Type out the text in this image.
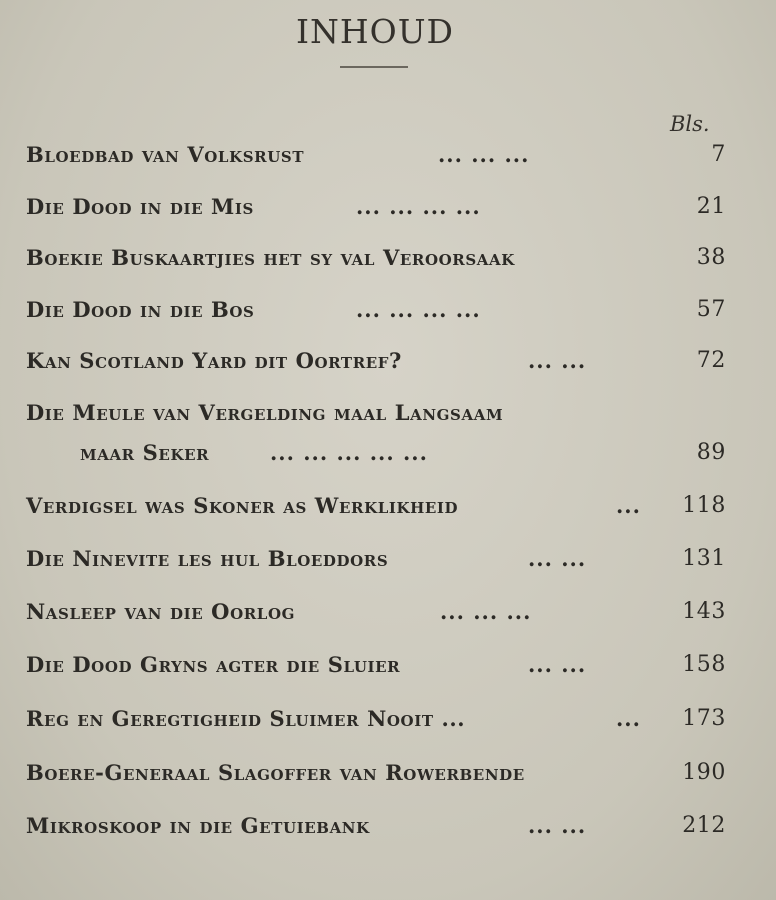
INHOUD
Bls.
Bloedbad van Volksrust	... ... ...	7
Die Dood in die Mis	... ... ... ...	21
Boekie Buskaartjies het sy val Veroorsaak	38
Die Dood in die Bos	... ... ... ...	57
Kan Scotland Yard dit Oortref?	... ...	72
Die Meule van Vergelding maal Langsaam
maar Seker	... ... ... ... ...	89
Verdigsel was Skoner as Werklikheid	... 118
Die Ninevite les hul Bloeddors	... ...	131
Nasleep van die Oorlog	... ... ...	143
Die Dood Gryns agter die Sluier	... ...	158
Reg en Geregtigheid Sluimer Nooit ...	... 173
Boere-Generaal Slagoffer van Rowerbende	190
Mikroskoop in die Getuiebank	... ...	212
